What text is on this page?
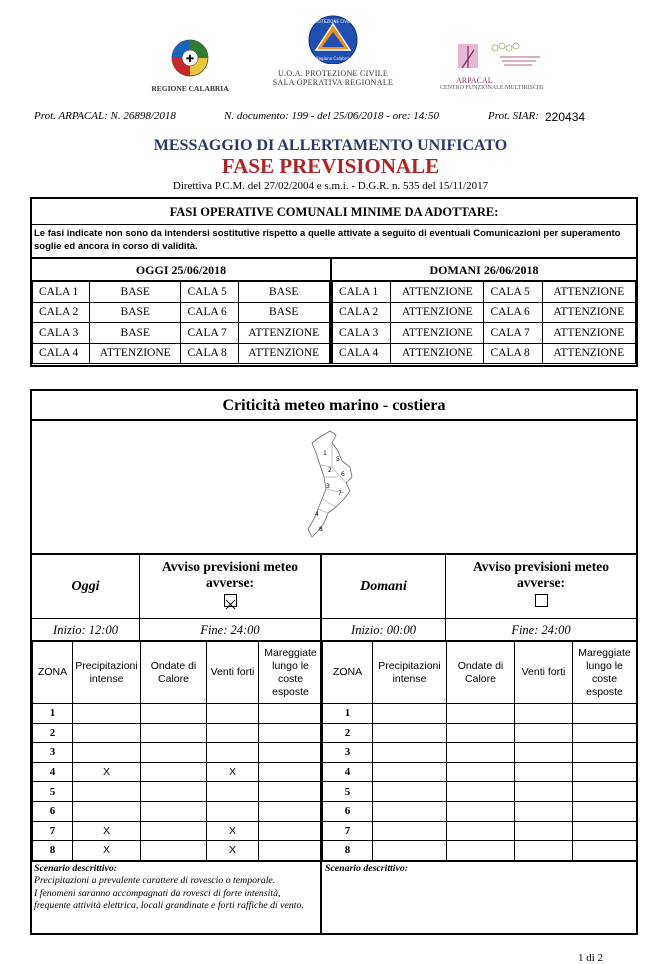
✚
REGIONE CALABRIA
PROTEZIONE CIVILE
Regione Calabria
U.O.A. PROTEZIONE CIVILE
SALA OPERATIVA REGIONALE	ARPACAL
CENTRO FUNZIONALE MULTIRISCHI
Prot. ARPACAL: N. 26898/2018	N. documento: 199 - del 25/06/2018 - ore: 14:50	Prot. SIAR: 220434
MESSAGGIO DI ALLERTAMENTO UNIFICATO
FASE PREVISIONALE
Direttiva P.C.M. del 27/02/2004 e s.m.i. - D.G.R. n. 535 del 15/11/2017
FASI OPERATIVE COMUNALI MINIME DA ADOTTARE:
Le fasi indicate non sono da intendersi sostitutive rispetto a quelle attivate a seguito di eventuali Comunicazioni per superamento soglie ed ancora in corso di validità.
OGGI 25/06/2018
CALA 1	BASE	CALA 5	BASE
CALA 2	BASE	CALA 6	BASE
CALA 3	BASE	CALA 7	ATTENZIONE
CALA 4	ATTENZIONE	CALA 8	ATTENZIONE
DOMANI 26/06/2018
CALA 1	ATTENZIONE	CALA 5	ATTENZIONE
CALA 2	ATTENZIONE	CALA 6	ATTENZIONE
CALA 3	ATTENZIONE	CALA 7	ATTENZIONE
CALA 4	ATTENZIONE	CALA 8	ATTENZIONE
Criticità meteo marino - costiera
1
2
3
4
5
6
7
8
Oggi
Avviso previsioni meteo
avverse:	Domani
Avviso previsioni meteo
avverse:
Inizio: 12:00	Fine: 24:00	Inizio: 00:00	Fine: 24:00
ZONA	Precipitazioni intense	Ondate di Calore	Venti forti	Mareggiate lungo le coste esposte
1				
2				
3				
4	X		X	
5				
6				
7	X		X	
8	X		X	
ZONA	Precipitazioni intense	Ondate di Calore	Venti forti	Mareggiate lungo le coste esposte
1				
2				
3				
4				
5				
6				
7				
8				
Scenario descrittivo:
Precipitazioni a prevalente carattere di rovescio o temporale.
I fenomeni saranno accompagnati da rovesci di forte intensità, frequente attività elettrica, locali grandinate e forti raffiche di vento.
Scenario descrittivo:
1 di 2
